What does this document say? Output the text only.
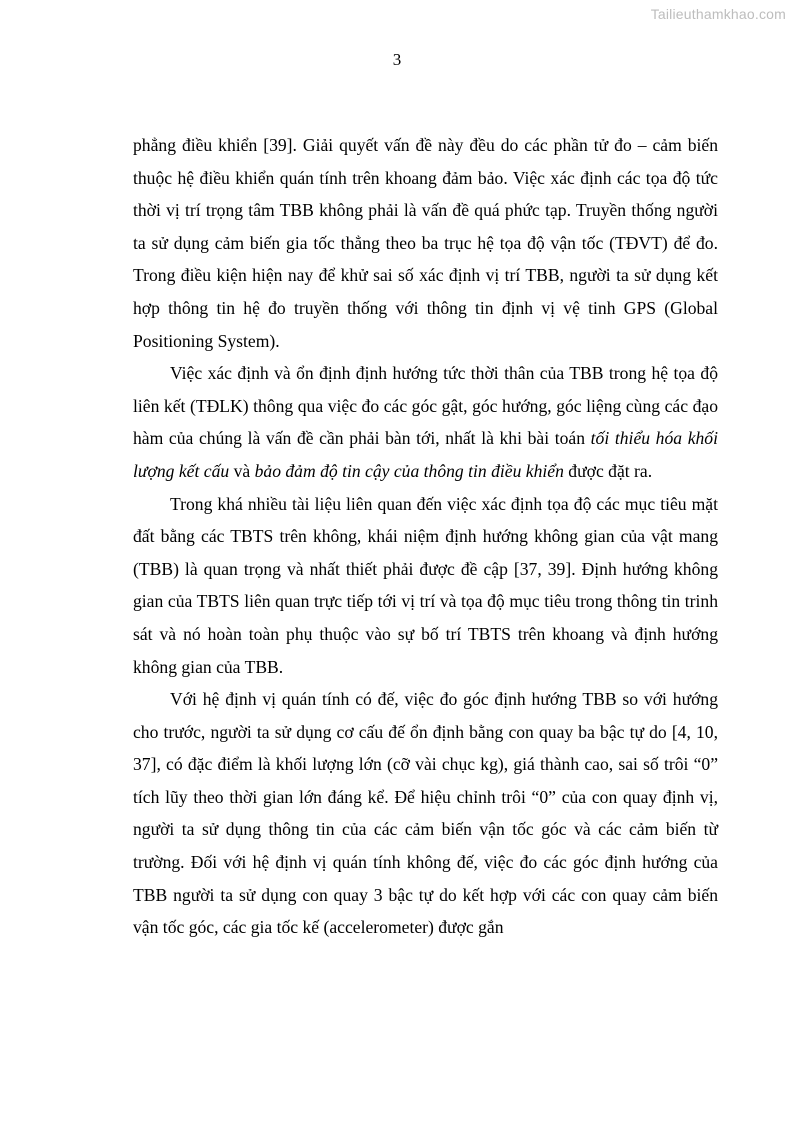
Tailieuthamkhao.com
3

phẳng điều khiển [39]. Giải quyết vấn đề này đều do các phần tử đo – cảm biến thuộc hệ điều khiển quán tính trên khoang đảm bảo. Việc xác định các tọa độ tức thời vị trí trọng tâm TBB không phải là vấn đề quá phức tạp. Truyền thống người ta sử dụng cảm biến gia tốc thẳng theo ba trục hệ tọa độ vận tốc (TĐVT) để đo. Trong điều kiện hiện nay để khử sai số xác định vị trí TBB, người ta sử dụng kết hợp thông tin hệ đo truyền thống với thông tin định vị vệ tinh GPS (Global Positioning System).

Việc xác định và ổn định định hướng tức thời thân của TBB trong hệ tọa độ liên kết (TĐLK) thông qua việc đo các góc gật, góc hướng, góc liệng cùng các đạo hàm của chúng là vấn đề cần phải bàn tới, nhất là khi bài toán tối thiểu hóa khối lượng kết cấu và bảo đảm độ tin cậy của thông tin điều khiển được đặt ra.

Trong khá nhiều tài liệu liên quan đến việc xác định tọa độ các mục tiêu mặt đất bằng các TBTS trên không, khái niệm định hướng không gian của vật mang (TBB) là quan trọng và nhất thiết phải được đề cập [37, 39]. Định hướng không gian của TBTS liên quan trực tiếp tới vị trí và tọa độ mục tiêu trong thông tin trinh sát và nó hoàn toàn phụ thuộc vào sự bố trí TBTS trên khoang và định hướng không gian của TBB.

Với hệ định vị quán tính có đế, việc đo góc định hướng TBB so với hướng cho trước, người ta sử dụng cơ cấu đế ổn định bằng con quay ba bậc tự do [4, 10, 37], có đặc điểm là khối lượng lớn (cỡ vài chục kg), giá thành cao, sai số trôi “0” tích lũy theo thời gian lớn đáng kể. Để hiệu chỉnh trôi “0” của con quay định vị, người ta sử dụng thông tin của các cảm biến vận tốc góc và các cảm biến từ trường. Đối với hệ định vị quán tính không đế, việc đo các góc định hướng của TBB người ta sử dụng con quay 3 bậc tự do kết hợp với các con quay cảm biến vận tốc góc, các gia tốc kế (accelerometer) được gắn
